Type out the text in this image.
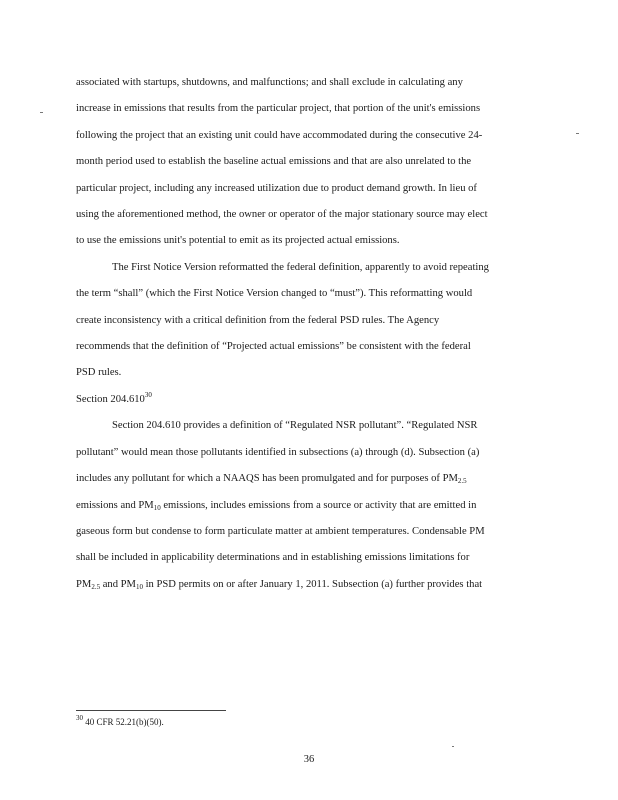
associated with startups, shutdowns, and malfunctions; and shall exclude in calculating any
increase in emissions that results from the particular project, that portion of the unit's emissions
following the project that an existing unit could have accommodated during the consecutive 24-
month period used to establish the baseline actual emissions and that are also unrelated to the
particular project, including any increased utilization due to product demand growth. In lieu of
using the aforementioned method, the owner or operator of the major stationary source may elect
to use the emissions unit's potential to emit as its projected actual emissions.
The First Notice Version reformatted the federal definition, apparently to avoid repeating
the term “shall” (which the First Notice Version changed to “must”). This reformatting would
create inconsistency with a critical definition from the federal PSD rules. The Agency
recommends that the definition of “Projected actual emissions” be consistent with the federal
PSD rules.
Section 204.610$^{30}$
Section 204.610 provides a definition of “Regulated NSR pollutant”. “Regulated NSR
pollutant” would mean those pollutants identified in subsections (a) through (d). Subsection (a)
includes any pollutant for which a NAAQS has been promulgated and for purposes of $PM_{2.5}$
emissions and $PM_{10}$ emissions, includes emissions from a source or activity that are emitted in
gaseous form but condense to form particulate matter at ambient temperatures. Condensable PM
shall be included in applicability determinations and in establishing emissions limitations for
$PM_{2.5}$ and $PM_{10}$ in PSD permits on or after January 1, 2011. Subsection (a) further provides that
$^{30}$ 40 CFR 52.21(b)(50).
36
